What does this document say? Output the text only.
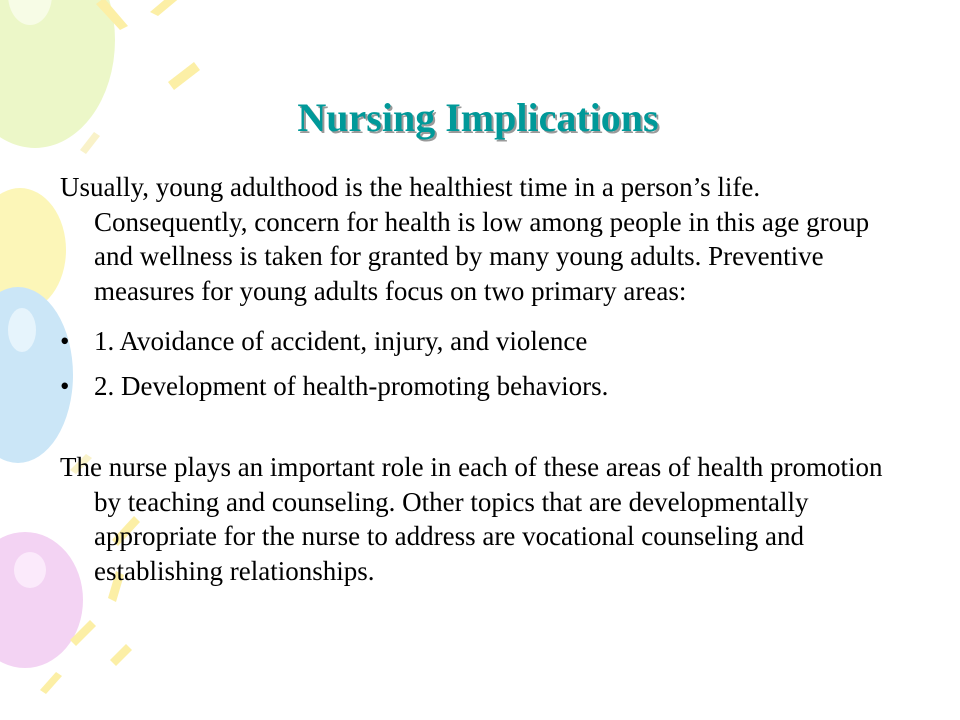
Nursing Implications

Usually, young adulthood is the healthiest time in a person’s life. Consequently, concern for health is low among people in this age group and wellness is taken for granted by many young adults. Preventive measures for young adults focus on two primary areas:

• 1. Avoidance of accident, injury, and violence
• 2. Development of health-promoting behaviors.

The nurse plays an important role in each of these areas of health promotion by teaching and counseling. Other topics that are developmentally appropriate for the nurse to address are vocational counseling and establishing relationships.
